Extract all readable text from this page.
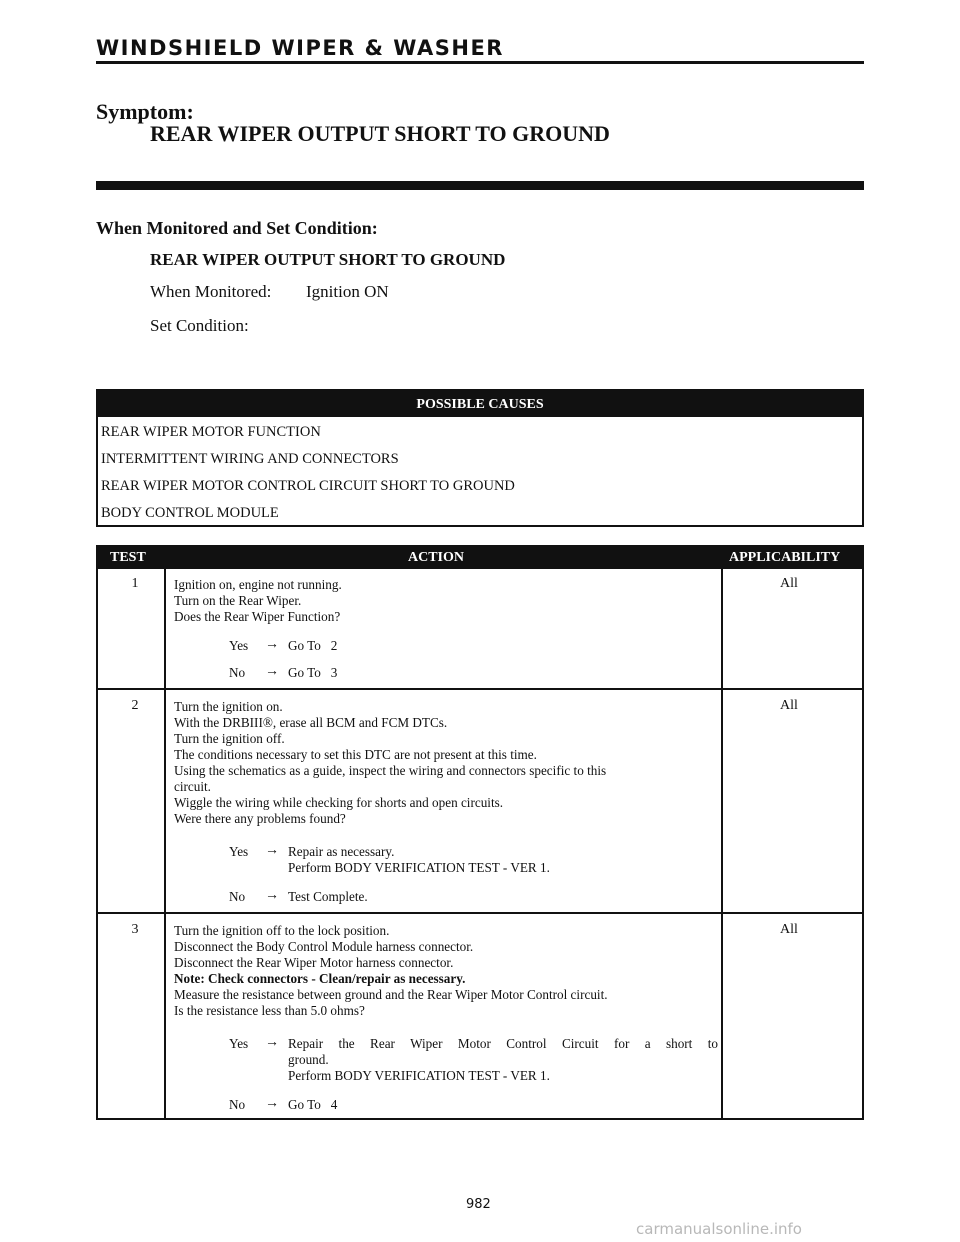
WINDSHIELD WIPER & WASHER
Symptom:
REAR WIPER OUTPUT SHORT TO GROUND
When Monitored and Set Condition:
REAR WIPER OUTPUT SHORT TO GROUND
When Monitored: Ignition ON
Set Condition:
POSSIBLE CAUSES
REAR WIPER MOTOR FUNCTION
INTERMITTENT WIRING AND CONNECTORS
REAR WIPER MOTOR CONTROL CIRCUIT SHORT TO GROUND
BODY CONTROL MODULE
TEST	ACTION	APPLICABILITY
1	All
Ignition on, engine not running.
Turn on the Rear Wiper.
Does the Rear Wiper Function?
Yes → Go To   2
No → Go To   3
2	All
Turn the ignition on.
With the DRBIII®, erase all BCM and FCM DTCs.
Turn the ignition off.
The conditions necessary to set this DTC are not present at this time.
Using the schematics as a guide, inspect the wiring and connectors specific to this
circuit.
Wiggle the wiring while checking for shorts and open circuits.
Were there any problems found?
Yes → Repair as necessary.
Perform BODY VERIFICATION TEST - VER 1.
No → Test Complete.
3	All
Turn the ignition off to the lock position.
Disconnect the Body Control Module harness connector.
Disconnect the Rear Wiper Motor harness connector.
Note: Check connectors - Clean/repair as necessary.
Measure the resistance between ground and the Rear Wiper Motor Control circuit.
Is the resistance less than 5.0 ohms?
Yes → Repair the Rear Wiper Motor Control Circuit for a short to
ground.
Perform BODY VERIFICATION TEST - VER 1.
No → Go To   4
982
carmanualsonline.info
